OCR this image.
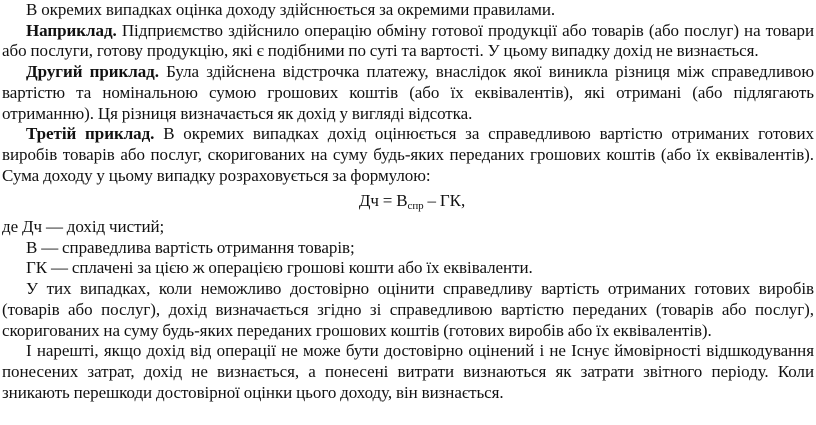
В окремих випадках оцінка доходу здійснюється за окремими правилами.

Наприклад. Підприємство здійснило операцію обміну готової продукції або товарів (або послуг) на товари або послуги, готову продукцію, які є подібними по суті та вартості. У цьому випадку дохід не визнається.

Другий приклад. Була здійснена відстрочка платежу, внаслідок якої виникла різниця між справедливою вартістю та номінальною сумою грошових коштів (або їх еквівалентів), які отримані (або підлягають отриманню). Ця різниця визначається як дохід у вигляді відсотка.

Третій приклад. В окремих випадках дохід оцінюється за справедливою вартістю отриманих готових виробів товарів або послуг, скоригованих на суму будь-яких переданих грошових коштів (або їх еквівалентів). Сума доходу у цьому випадку розраховується за формулою:

Дч = $В_{спр}$ – ГК,

де Дч — дохід чистий;

В — справедлива вартість отримання товарів;

ГК — сплачені за цією ж операцією грошові кошти або їх еквіваленти.

У тих випадках, коли неможливо достовірно оцінити справедливу вартість отриманих готових виробів (товарів або послуг), дохід визначається згідно зі справедливою вартістю переданих (товарів або послуг), скоригованих на суму будь-яких переданих грошових коштів (готових виробів або їх еквівалентів).

І нарешті, якщо дохід від операції не може бути достовірно оцінений і не Існує ймовірності відшкодування понесених затрат, дохід не визнається, а понесені витрати визнаються як затрати звітного періоду. Коли зникають перешкоди достовірної оцінки цього доходу, він визнається.
